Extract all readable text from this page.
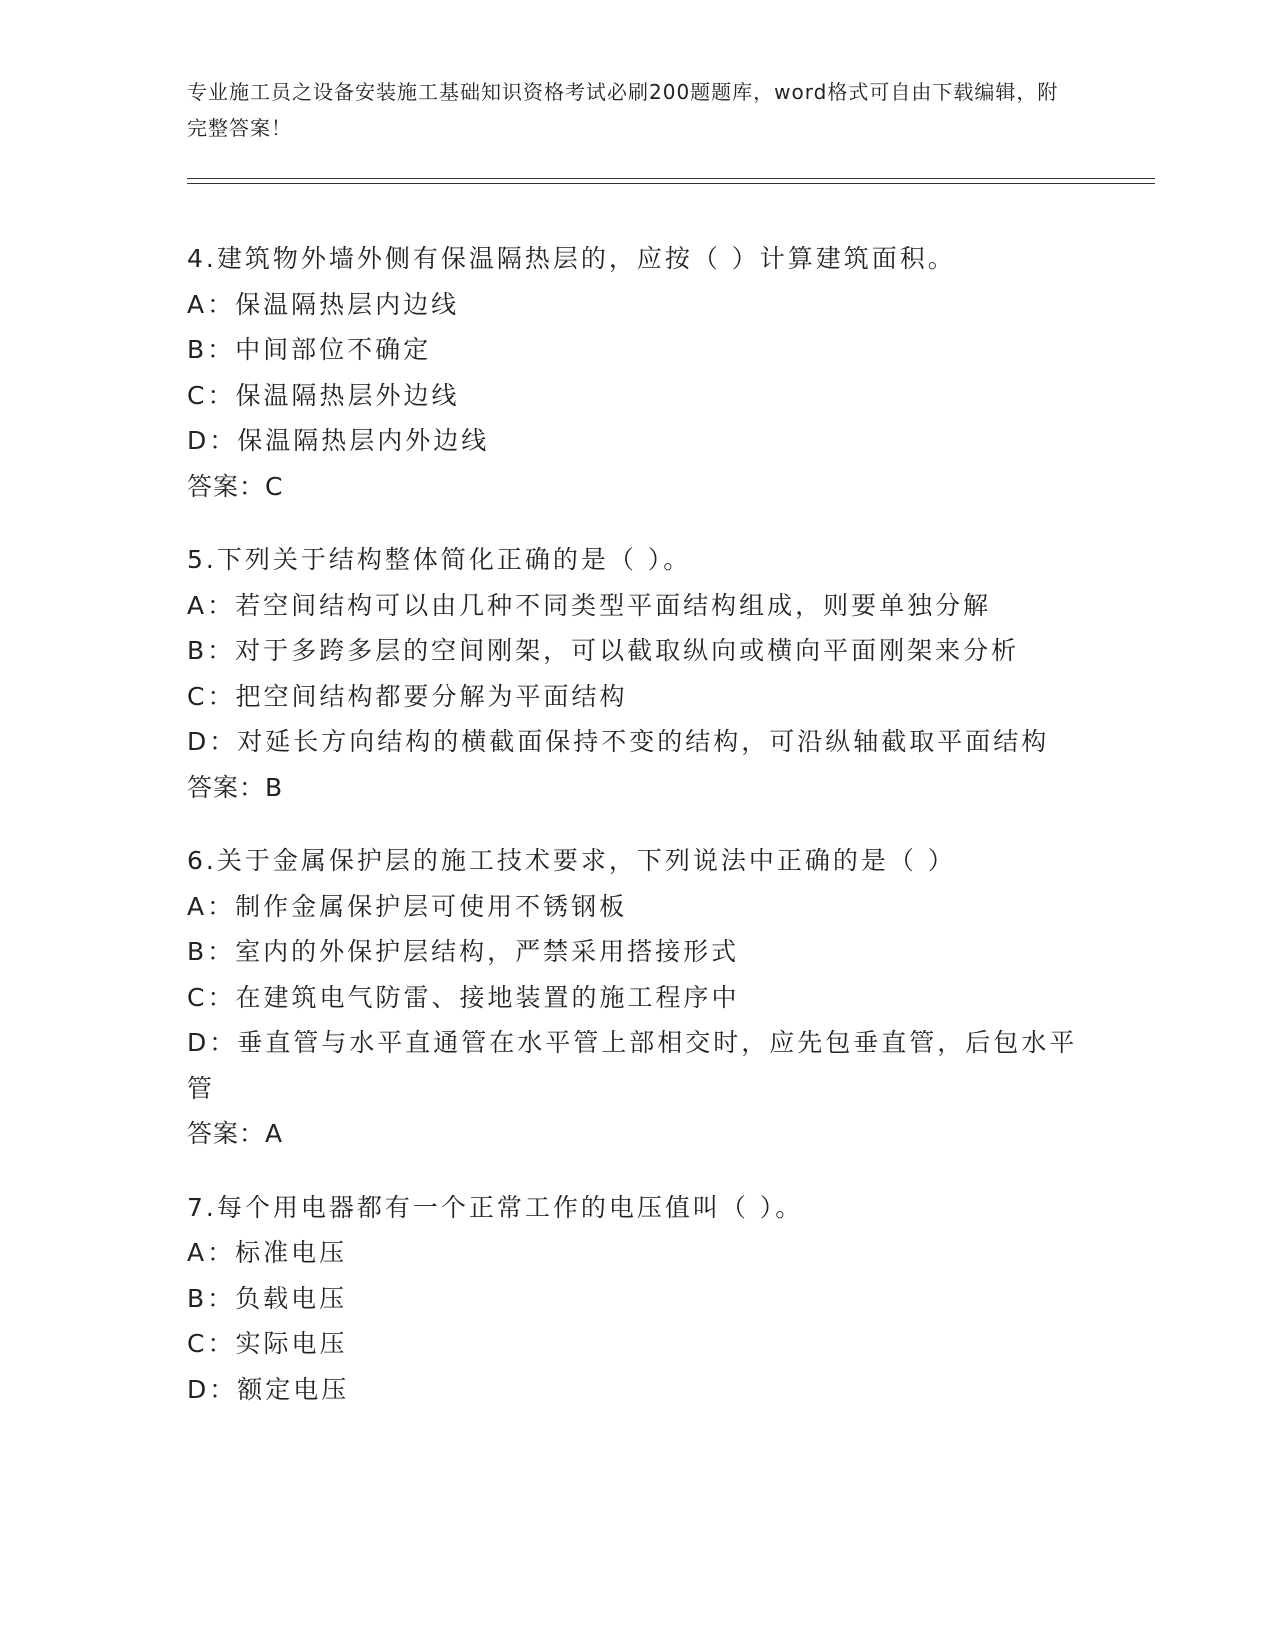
专业施工员之设备安装施工基础知识资格考试必刷200题题库，word格式可自由下载编辑，附完整答案！
4.建筑物外墙外侧有保温隔热层的，应按（ ）计算建筑面积。
A：保温隔热层内边线
B：中间部位不确定
C：保温隔热层外边线
D：保温隔热层内外边线
答案：C
5.下列关于结构整体简化正确的是（ ）。
A：若空间结构可以由几种不同类型平面结构组成，则要单独分解
B：对于多跨多层的空间刚架，可以截取纵向或横向平面刚架来分析
C：把空间结构都要分解为平面结构
D：对延长方向结构的横截面保持不变的结构，可沿纵轴截取平面结构
答案：B
6.关于金属保护层的施工技术要求，下列说法中正确的是（ ）
A：制作金属保护层可使用不锈钢板
B：室内的外保护层结构，严禁采用搭接形式
C：在建筑电气防雷、接地装置的施工程序中
D：垂直管与水平直通管在水平管上部相交时，应先包垂直管，后包水平管
答案：A
7.每个用电器都有一个正常工作的电压值叫（ ）。
A：标准电压
B：负载电压
C：实际电压
D：额定电压
